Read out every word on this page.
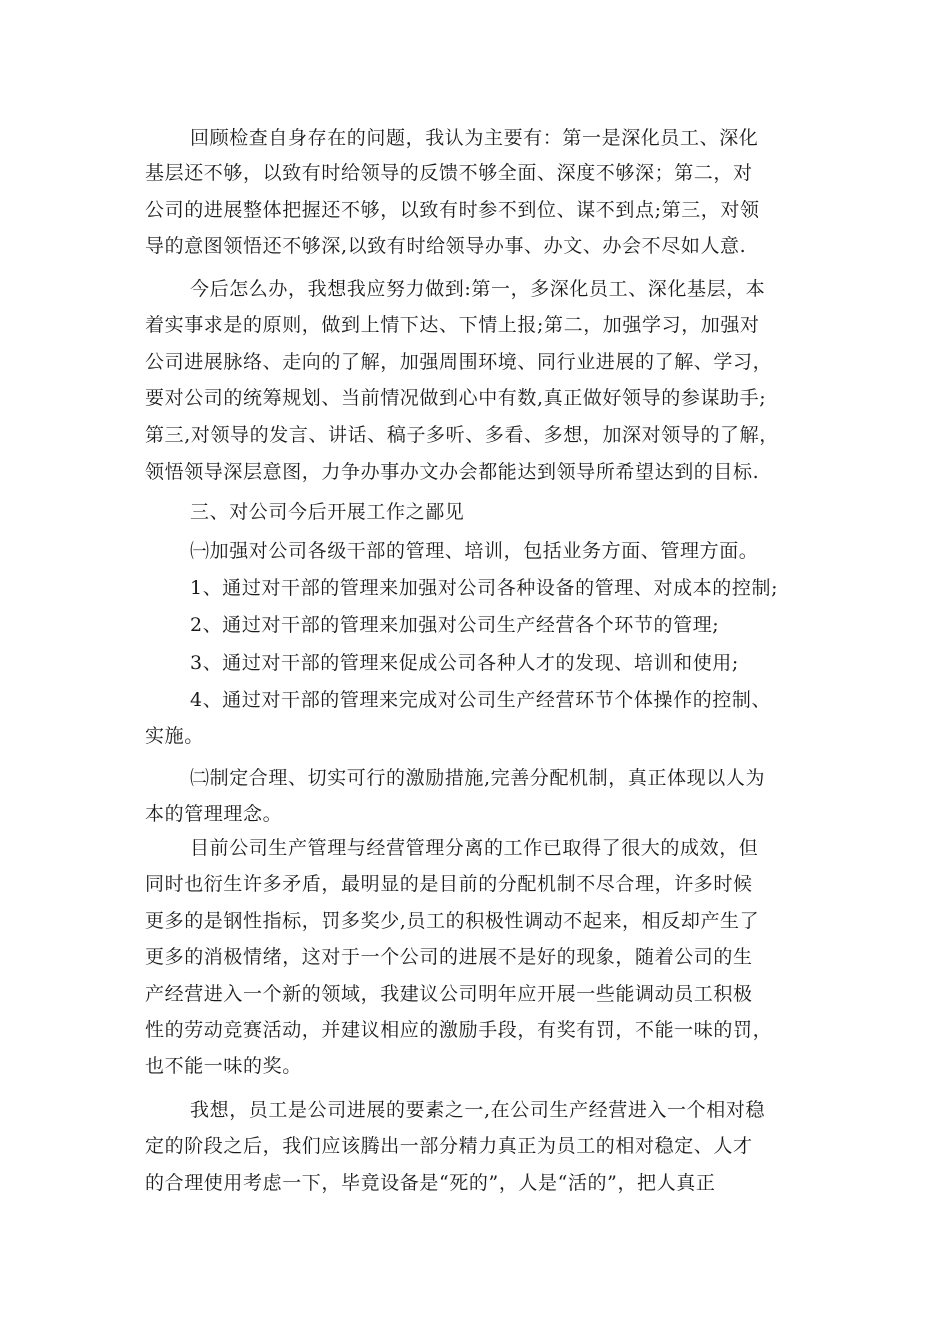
回顾检查自身存在的问题，我认为主要有：第一是深化员工、深化
基层还不够，以致有时给领导的反馈不够全面、深度不够深；第二，对
公司的进展整体把握还不够，以致有时参不到位、谋不到点;第三，对领
导的意图领悟还不够深,以致有时给领导办事、办文、办会不尽如人意.
今后怎么办，我想我应努力做到:第一，多深化员工、深化基层，本
着实事求是的原则，做到上情下达、下情上报;第二，加强学习，加强对
公司进展脉络、走向的了解，加强周围环境、同行业进展的了解、学习，
要对公司的统筹规划、当前情况做到心中有数,真正做好领导的参谋助手;
第三,对领导的发言、讲话、稿子多听、多看、多想，加深对领导的了解，
领悟领导深层意图，力争办事办文办会都能达到领导所希望达到的目标.
三、对公司今后开展工作之鄙见
㈠加强对公司各级干部的管理、培训，包括业务方面、管理方面。
1、通过对干部的管理来加强对公司各种设备的管理、对成本的控制;
2、通过对干部的管理来加强对公司生产经营各个环节的管理;
3、通过对干部的管理来促成公司各种人才的发现、培训和使用;
4、通过对干部的管理来完成对公司生产经营环节个体操作的控制、
实施。
㈡制定合理、切实可行的激励措施,完善分配机制，真正体现以人为
本的管理理念。
目前公司生产管理与经营管理分离的工作已取得了很大的成效，但
同时也衍生许多矛盾，最明显的是目前的分配机制不尽合理，许多时候
更多的是钢性指标，罚多奖少,员工的积极性调动不起来，相反却产生了
更多的消极情绪，这对于一个公司的进展不是好的现象，随着公司的生
产经营进入一个新的领域，我建议公司明年应开展一些能调动员工积极
性的劳动竞赛活动，并建议相应的激励手段，有奖有罚，不能一味的罚，
也不能一味的奖。
我想，员工是公司进展的要素之一,在公司生产经营进入一个相对稳
定的阶段之后，我们应该腾出一部分精力真正为员工的相对稳定、人才
的合理使用考虑一下，毕竟设备是“死的”，人是“活的”，把人真正
